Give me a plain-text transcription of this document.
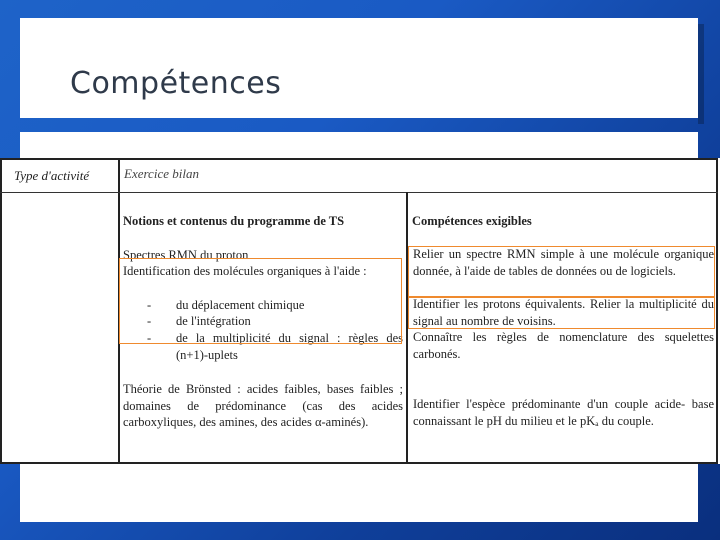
Compétences
Type d'activité	Exercice bilan
Notions et contenus du programme de TS	Compétences exigibles
Spectres RMN du proton
Identification des molécules organiques à l'aide :
- du déplacement chimique
- de l'intégration
- de la multiplicité du signal : règles des (n+1)-uplets
Théorie de Brönsted : acides faibles, bases faibles ; domaines de prédominance (cas des acides carboxyliques, des amines, des acides α-aminés).
Relier un spectre RMN simple à une molécule organique donnée, à l'aide de tables de données ou de logiciels.
Identifier les protons équivalents. Relier la multiplicité du signal au nombre de voisins.
Connaître les règles de nomenclature des squelettes carbonés.
Identifier l'espèce prédominante d'un couple acide- base connaissant le pH du milieu et le pKₐ du couple.
